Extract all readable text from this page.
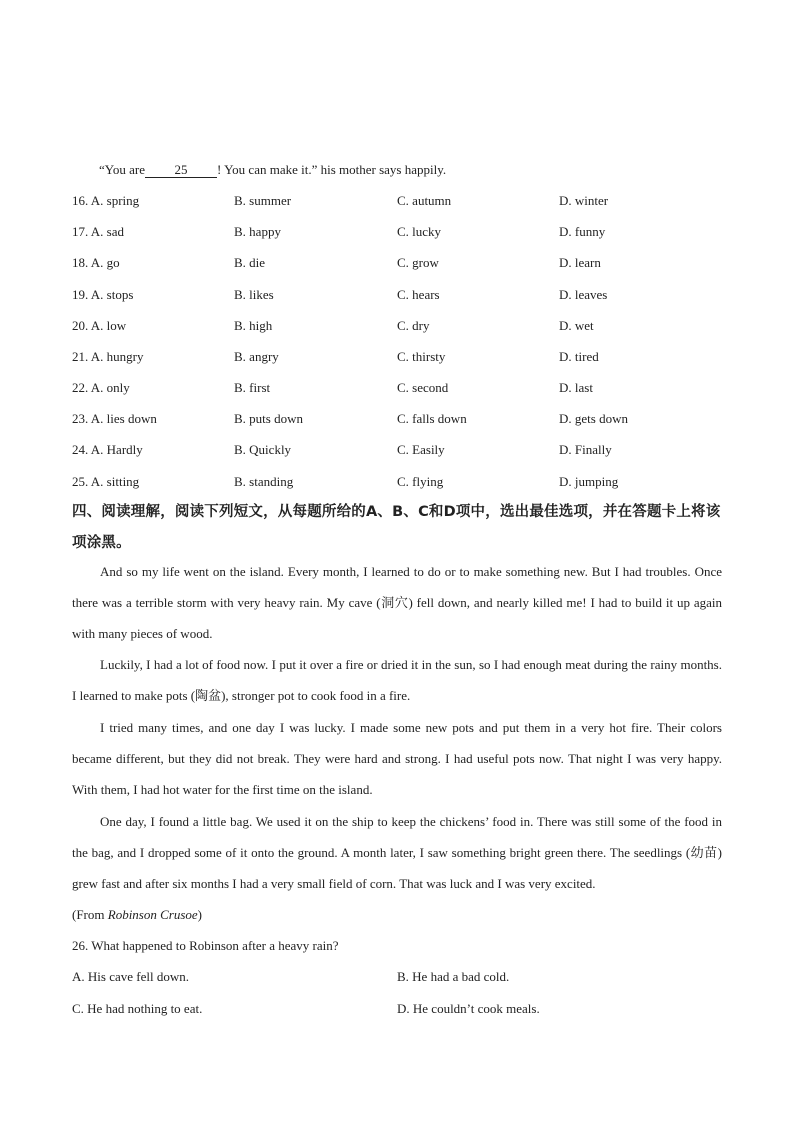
“You are 25 ! You can make it.” his mother says happily.
16. A. spring	B. summer	C. autumn	D. winter
17. A. sad	B. happy	C. lucky	D. funny
18. A. go	B. die	C. grow	D. learn
19. A. stops	B. likes	C. hears	D. leaves
20. A. low	B. high	C. dry	D. wet
21. A. hungry	B. angry	C. thirsty	D. tired
22. A. only	B. first	C. second	D. last
23. A. lies down	B. puts down	C. falls down	D. gets down
24. A. Hardly	B. Quickly	C. Easily	D. Finally
25. A. sitting	B. standing	C. flying	D. jumping
四、阅读理解，阅读下列短文，从每题所给的A、B、C和D项中，选出最佳选项，并在答题卡上将该项涂黑。
And so my life went on the island. Every month, I learned to do or to make something new. But I had troubles. Once there was a terrible storm with very heavy rain. My cave (洞穴) fell down, and nearly killed me! I had to build it up again with many pieces of wood.
Luckily, I had a lot of food now. I put it over a fire or dried it in the sun, so I had enough meat during the rainy months. I learned to make pots (陶盆), stronger pot to cook food in a fire.
I tried many times, and one day I was lucky. I made some new pots and put them in a very hot fire. Their colors became different, but they did not break. They were hard and strong. I had useful pots now. That night I was very happy. With them, I had hot water for the first time on the island.
One day, I found a little bag. We used it on the ship to keep the chickens’ food in. There was still some of the food in the bag, and I dropped some of it onto the ground. A month later, I saw something bright green there. The seedlings (幼苗) grew fast and after six months I had a very small field of corn. That was luck and I was very excited.
(From Robinson Crusoe)
26. What happened to Robinson after a heavy rain?
A. His cave fell down.	B. He had a bad cold.
C. He had nothing to eat.	D. He couldn’t cook meals.
